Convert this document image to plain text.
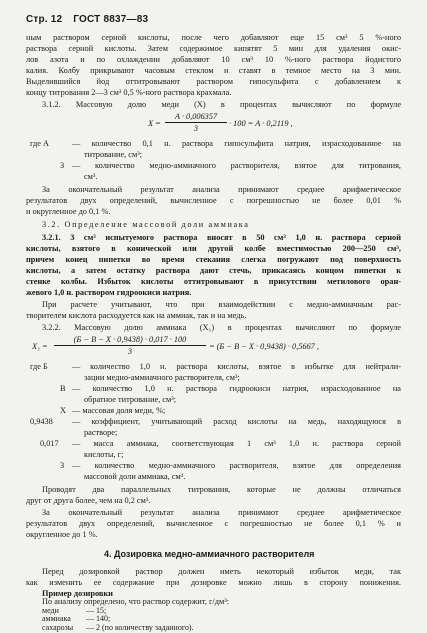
Стр. 12 ГОСТ 8837—83
ным раствором серной кислоты, после чего добавляют еще 15 см³ 5 %-ного
раствора серной кислоты. Затем содержимое кипятят 5 мин для удаления окис-
лов азота и по охлаждении добавляют 10 см³ 10 %-ного раствора йодистого
калия. Колбу прикрывают часовым стеклом и ставят в темное место на 3 мин.
Выделившийся йод оттитровывают раствором гипосульфита с добавлением к
концу титрования 2—3 см³ 0,5 %-ного раствора крахмала.
3.1.2. Массовую долю меди (X) в процентах вычисляют по формуле
X =
A · 0,006357
3
· 100 = A · 0,2119 ,
где A	— количество 0,1 н. раствора гипосульфита натрия, израсходованное на
титрование, см³;
3 — количество медно-аммиачного растворителя, взятое для титрования,
см³.
За окончательный результат анализа принимают среднее арифметическое
результатов двух определений, вычисленное с погрешностью не более 0,01 %
и округленное до 0,1 %.
3.2. Определение массовой доли аммиака
3.2.1. 3 см³ испытуемого раствора вносят в 50 см³ 1,0 н. раствора серной
кислоты, взятого в конической или другой колбе вместимостью 200—250 см³,
причем конец пипетки во время стекания слегка погружают под поверхность
кислоты, а затем остатку раствора дают стечь, прикасаясь концом пипетки к
стенке колбы. Избыток кислоты оттитровывают в присутствии метилового оран-
жевого 1,0 н. раствором гидроокиси натрия.
При расчете учитывают, что при взаимодействии с медно-аммиачным рас-
творителем кислота расходуется как на аммиак, так и на медь.
3.2.2. Массовую долю аммиака (X₁) в процентах вычисляют по формуле
X₁ =
(Б − В − X · 0,9438) · 0,017 · 100
3
= (Б − В − X · 0,9438) · 0,5667 ,
где Б	— количество 1,0 н. раствора кислоты, взятое в избытке для нейтрали-
зации медно-аммиачного растворителя, см³;
В — количество 1,0 н. раствора гидроокиси натрия, израсходованное на
обратное титрование, см³;
X — массовая доля меди, %;
0,9438 — коэффициент, учитывающий расход кислоты на медь, находящуюся в
растворе;
0,017 — масса аммиака, соответствующая 1 см³ 1,0 н. раствора серной
кислоты, г;
3 — количество медно-аммиачного растворителя, взятое для определения
массовой доли аммиака, см³.
Проводят два параллельных титрования, которые не должны отличаться
друг от друга более, чем на 0,2 см³.
За окончательный результат анализа принимают среднее арифметическое
результатов двух определений, вычисленное с погрешностью не более 0,1 % и
округленное до 1 %.
4. Дозировка медно-аммиачного растворителя
Перед дозировкой раствор должен иметь некоторый избыток меди, так
как изменить ее содержание при дозировке можно лишь в сторону понижения.
Пример дозировки
По анализу определено, что раствор содержит, г/дм³:
меди	— 15;
аммиака — 140;
сахарозы — 2 (по количеству заданного).
